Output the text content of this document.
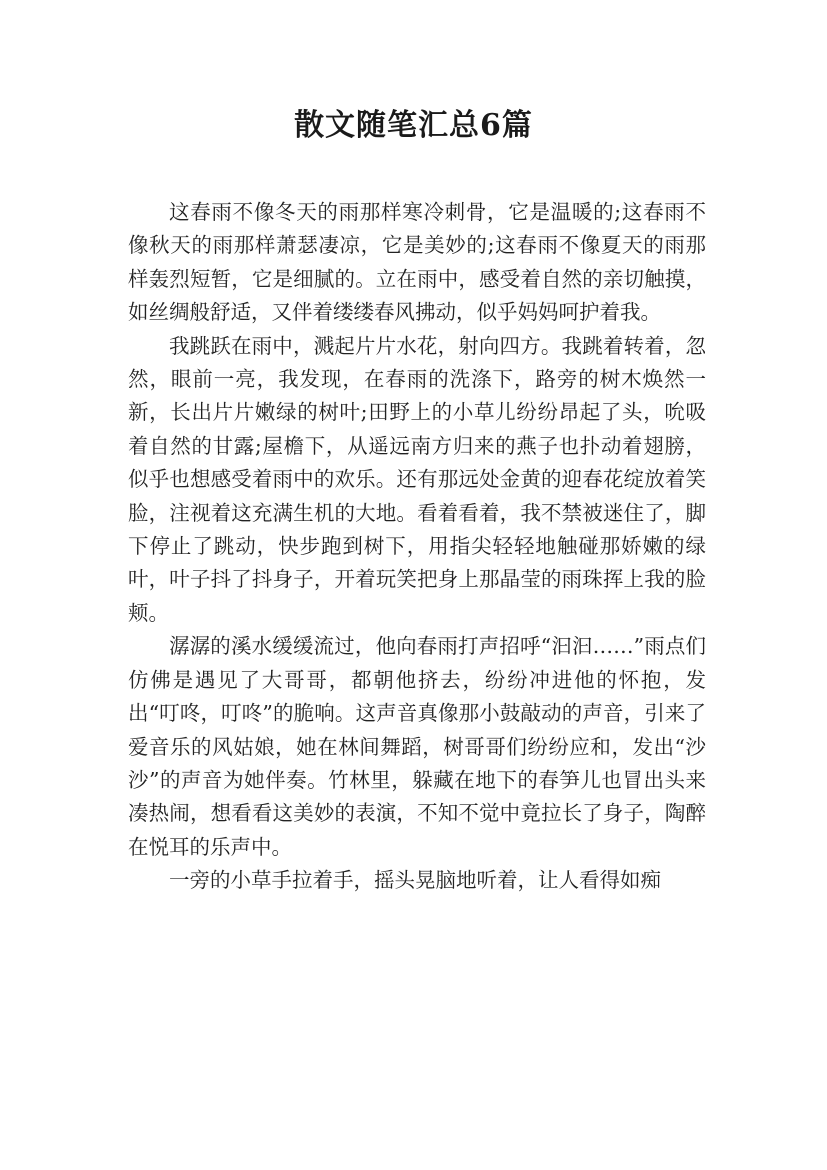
散文随笔汇总6篇

这春雨不像冬天的雨那样寒冷刺骨，它是温暖的;这春雨不像秋天的雨那样萧瑟凄凉，它是美妙的;这春雨不像夏天的雨那样轰烈短暂，它是细腻的。立在雨中，感受着自然的亲切触摸，如丝绸般舒适，又伴着缕缕春风拂动，似乎妈妈呵护着我。

我跳跃在雨中，溅起片片水花，射向四方。我跳着转着，忽然，眼前一亮，我发现，在春雨的洗涤下，路旁的树木焕然一新，长出片片嫩绿的树叶;田野上的小草儿纷纷昂起了头，吮吸着自然的甘露;屋檐下，从遥远南方归来的燕子也扑动着翅膀，似乎也想感受着雨中的欢乐。还有那远处金黄的迎春花绽放着笑脸，注视着这充满生机的大地。看着看着，我不禁被迷住了，脚下停止了跳动，快步跑到树下，用指尖轻轻地触碰那娇嫩的绿叶，叶子抖了抖身子，开着玩笑把身上那晶莹的雨珠挥上我的脸颊。

潺潺的溪水缓缓流过，他向春雨打声招呼“汩汩……”雨点们仿佛是遇见了大哥哥，都朝他挤去，纷纷冲进他的怀抱，发出“叮咚，叮咚”的脆响。这声音真像那小鼓敲动的声音，引来了爱音乐的风姑娘，她在林间舞蹈，树哥哥们纷纷应和，发出“沙沙”的声音为她伴奏。竹林里，躲藏在地下的春笋儿也冒出头来凑热闹，想看看这美妙的表演，不知不觉中竟拉长了身子，陶醉在悦耳的乐声中。

一旁的小草手拉着手，摇头晃脑地听着，让人看得如痴
